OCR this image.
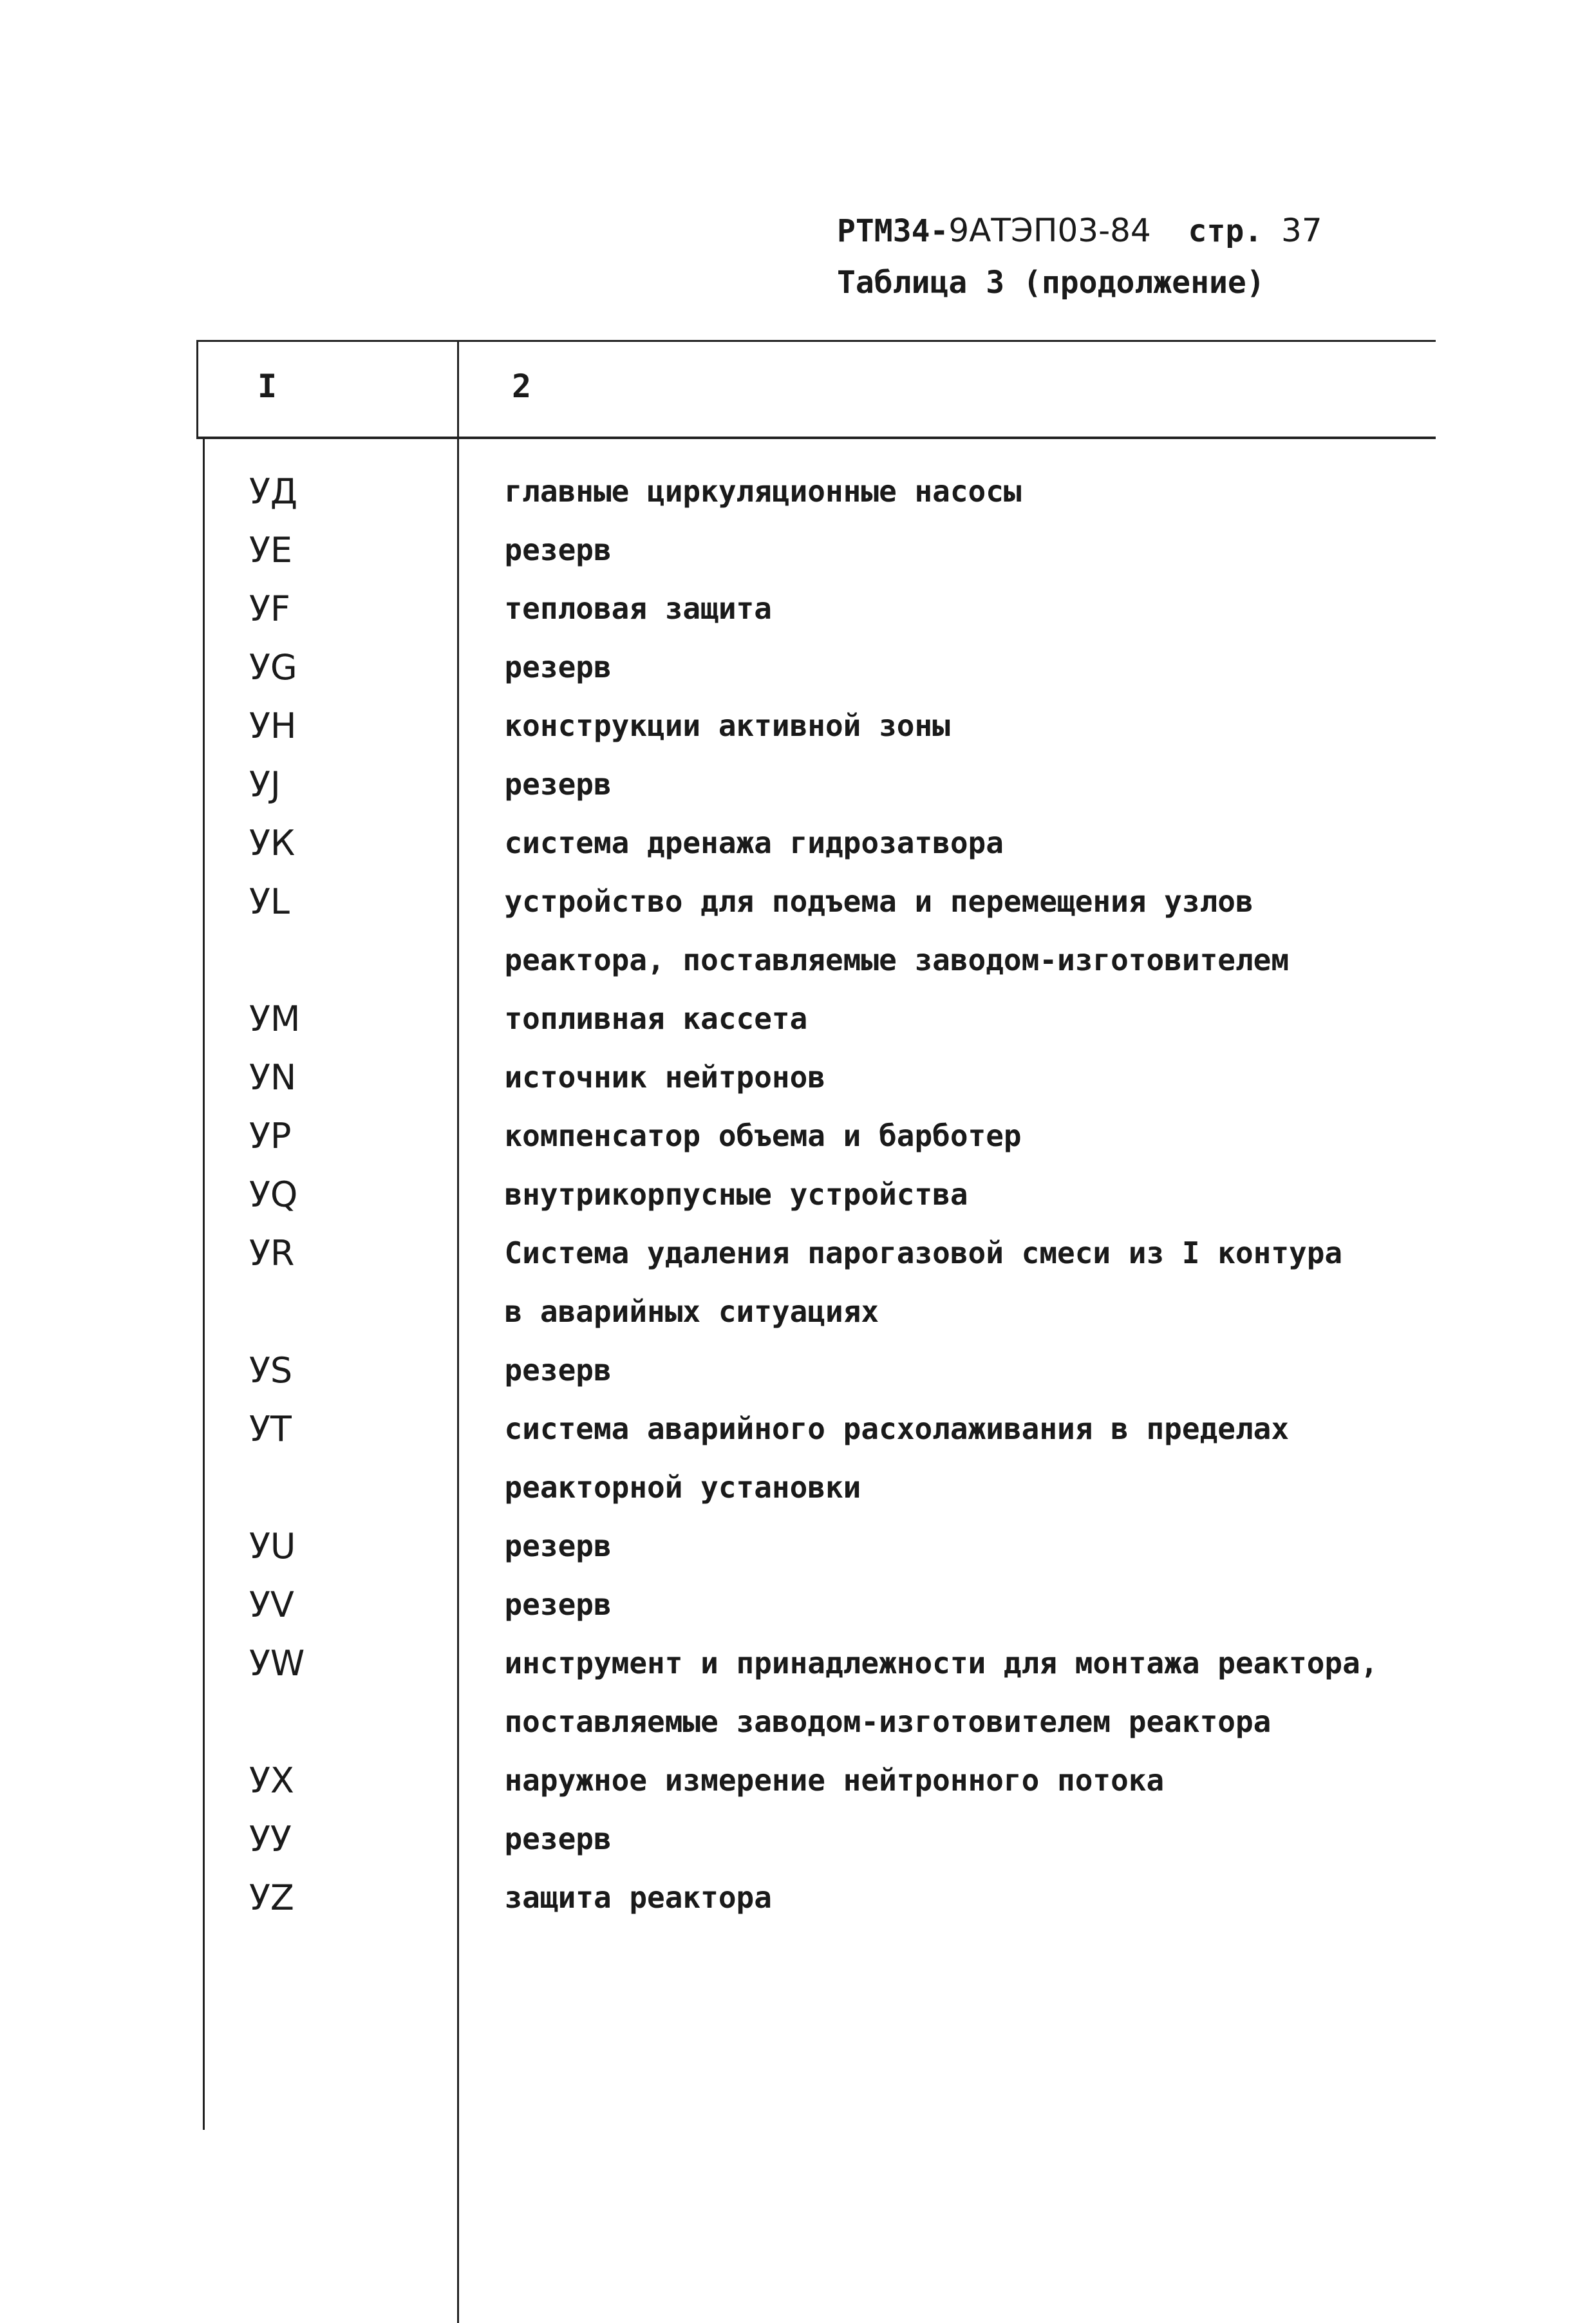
РТМ34-9АТЭП03-84 стр. 37
Таблица 3 (продолжение)
I	2
УД	главные циркуляционные насосы
УЕ	резерв
УF	тепловая защита
УG	резерв
УН	конструкции активной зоны
УJ	резерв
УК	система дренажа гидрозатвора
УL	устройство для подъема и перемещения узлов
реактора, поставляемые заводом-изготовителем
УМ	топливная кассета
УN	источник нейтронов
УР	компенсатор объема и барботер
УQ	внутрикорпусные устройства
УR	Система удаления парогазовой смеси из I контура
в аварийных ситуациях
УS	резерв
УТ	система аварийного расхолаживания в пределах
реакторной установки
УU	резерв
УV	резерв
УW	инструмент и принадлежности для монтажа реактора,
поставляемые заводом-изготовителем реактора
УХ	наружное измерение нейтронного потока
УУ	резерв
УZ	защита реактора
